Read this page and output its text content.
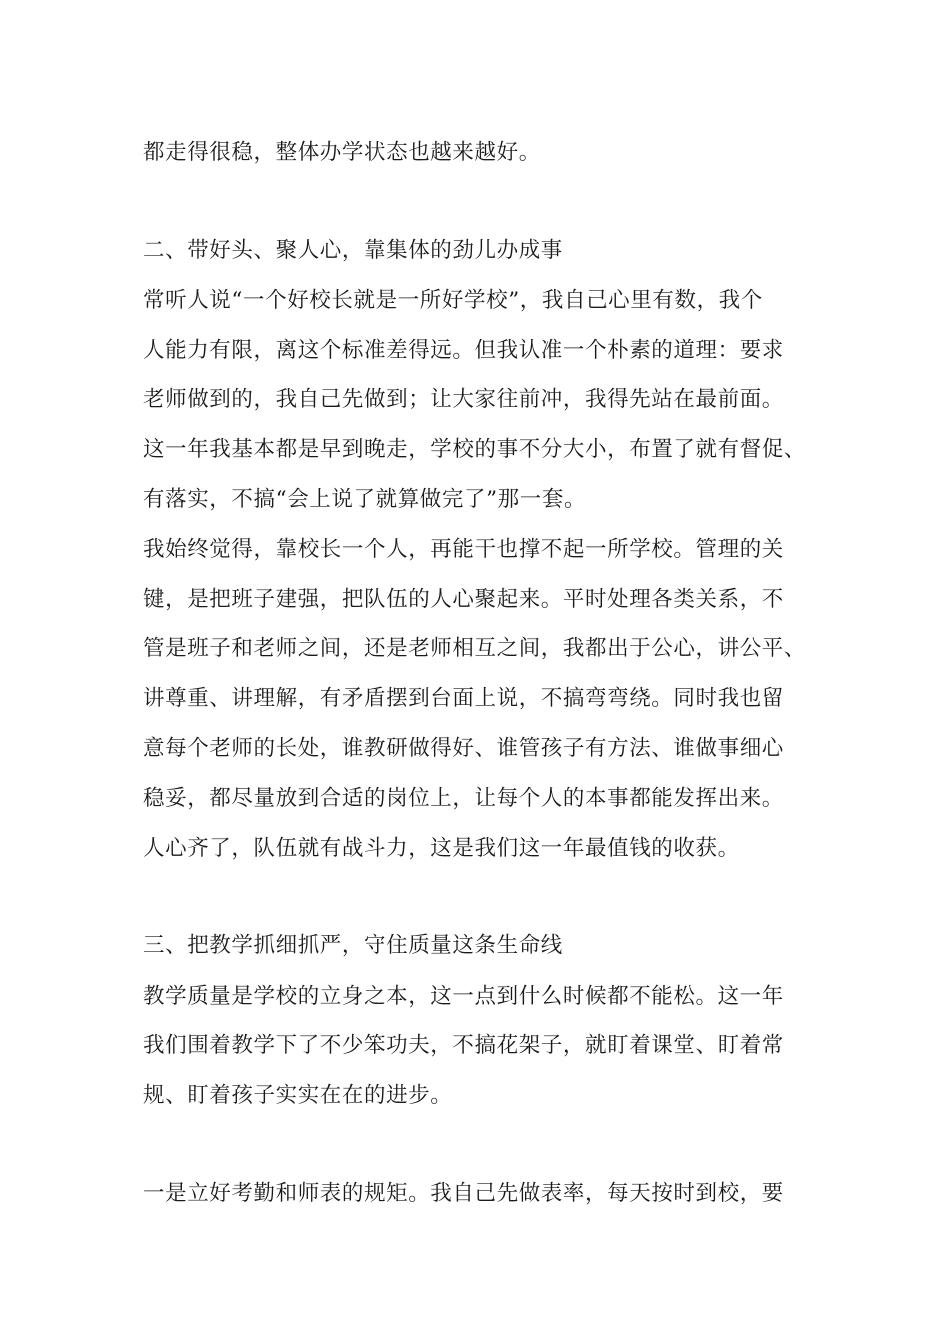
都走得很稳，整体办学状态也越来越好。
二、带好头、聚人心，靠集体的劲儿办成事
常听人说“一个好校长就是一所好学校”，我自己心里有数，我个
人能力有限，离这个标准差得远。但我认准一个朴素的道理：要求
老师做到的，我自己先做到；让大家往前冲，我得先站在最前面。
这一年我基本都是早到晚走，学校的事不分大小，布置了就有督促、
有落实，不搞“会上说了就算做完了”那一套。
我始终觉得，靠校长一个人，再能干也撑不起一所学校。管理的关
键，是把班子建强，把队伍的人心聚起来。平时处理各类关系，不
管是班子和老师之间，还是老师相互之间，我都出于公心，讲公平、
讲尊重、讲理解，有矛盾摆到台面上说，不搞弯弯绕。同时我也留
意每个老师的长处，谁教研做得好、谁管孩子有方法、谁做事细心
稳妥，都尽量放到合适的岗位上，让每个人的本事都能发挥出来。
人心齐了，队伍就有战斗力，这是我们这一年最值钱的收获。
三、把教学抓细抓严，守住质量这条生命线
教学质量是学校的立身之本，这一点到什么时候都不能松。这一年
我们围着教学下了不少笨功夫，不搞花架子，就盯着课堂、盯着常
规、盯着孩子实实在在的进步。
一是立好考勤和师表的规矩。我自己先做表率，每天按时到校，要
